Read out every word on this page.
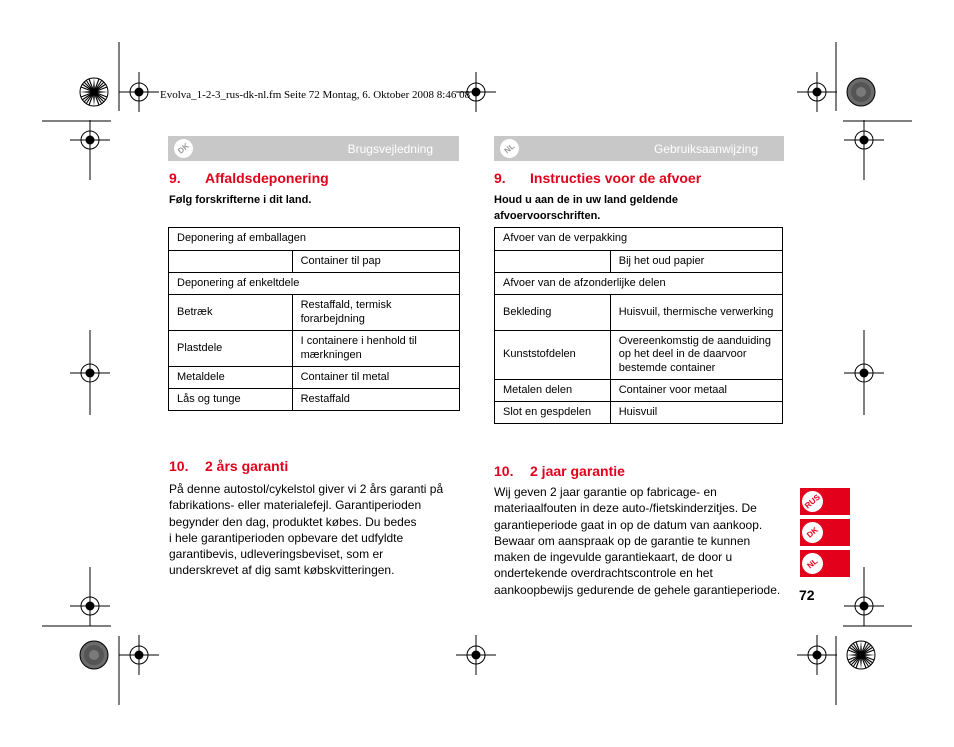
Evolva_1-2-3_rus-dk-nl.fm Seite 72 Montag, 6. Oktober 2008 8:46 08
DK	Brugsvejledning
9. Affaldsdeponering
Følg forskrifterne i dit land.
Deponering af emballagen	
	Container til pap
Deponering af enkeltdele	
Betræk	Restaffald, termisk forarbejdning
Plastdele	I containere i henhold til mærkningen
Metaldele	Container til metal
Lås og tunge	Restaffald
10. 2 års garanti
På denne autostol/cykelstol giver vi 2 års garanti på
fabrikations- eller materialefejl. Garantiperioden
begynder den dag, produktet købes. Du bedes
i hele garantiperioden opbevare det udfyldte
garantibevis, udleveringsbeviset, som er
underskrevet af dig samt købskvitteringen.
NL	Gebruiksaanwijzing
9. Instructies voor de afvoer
Houd u aan de in uw land geldende
afvoervoorschriften.
Afvoer van de verpakking	
	Bij het oud papier
Afvoer van de afzonderlijke delen	
Bekleding	Huisvuil, thermische verwerking
Kunststofdelen	Overeenkomstig de aanduiding op het deel in de daarvoor bestemde container
Metalen delen	Container voor metaal
Slot en gespdelen	Huisvuil
10. 2 jaar garantie
Wij geven 2 jaar garantie op fabricage- en
materiaalfouten in deze auto-/fietskinderzitjes. De
garantieperiode gaat in op de datum van aankoop.
Bewaar om aanspraak op de garantie te kunnen
maken de ingevulde garantiekaart, de door u
ondertekende overdrachtscontrole en het
aankoopbewijs gedurende de gehele garantieperiode.
RUS
DK
NL
72
